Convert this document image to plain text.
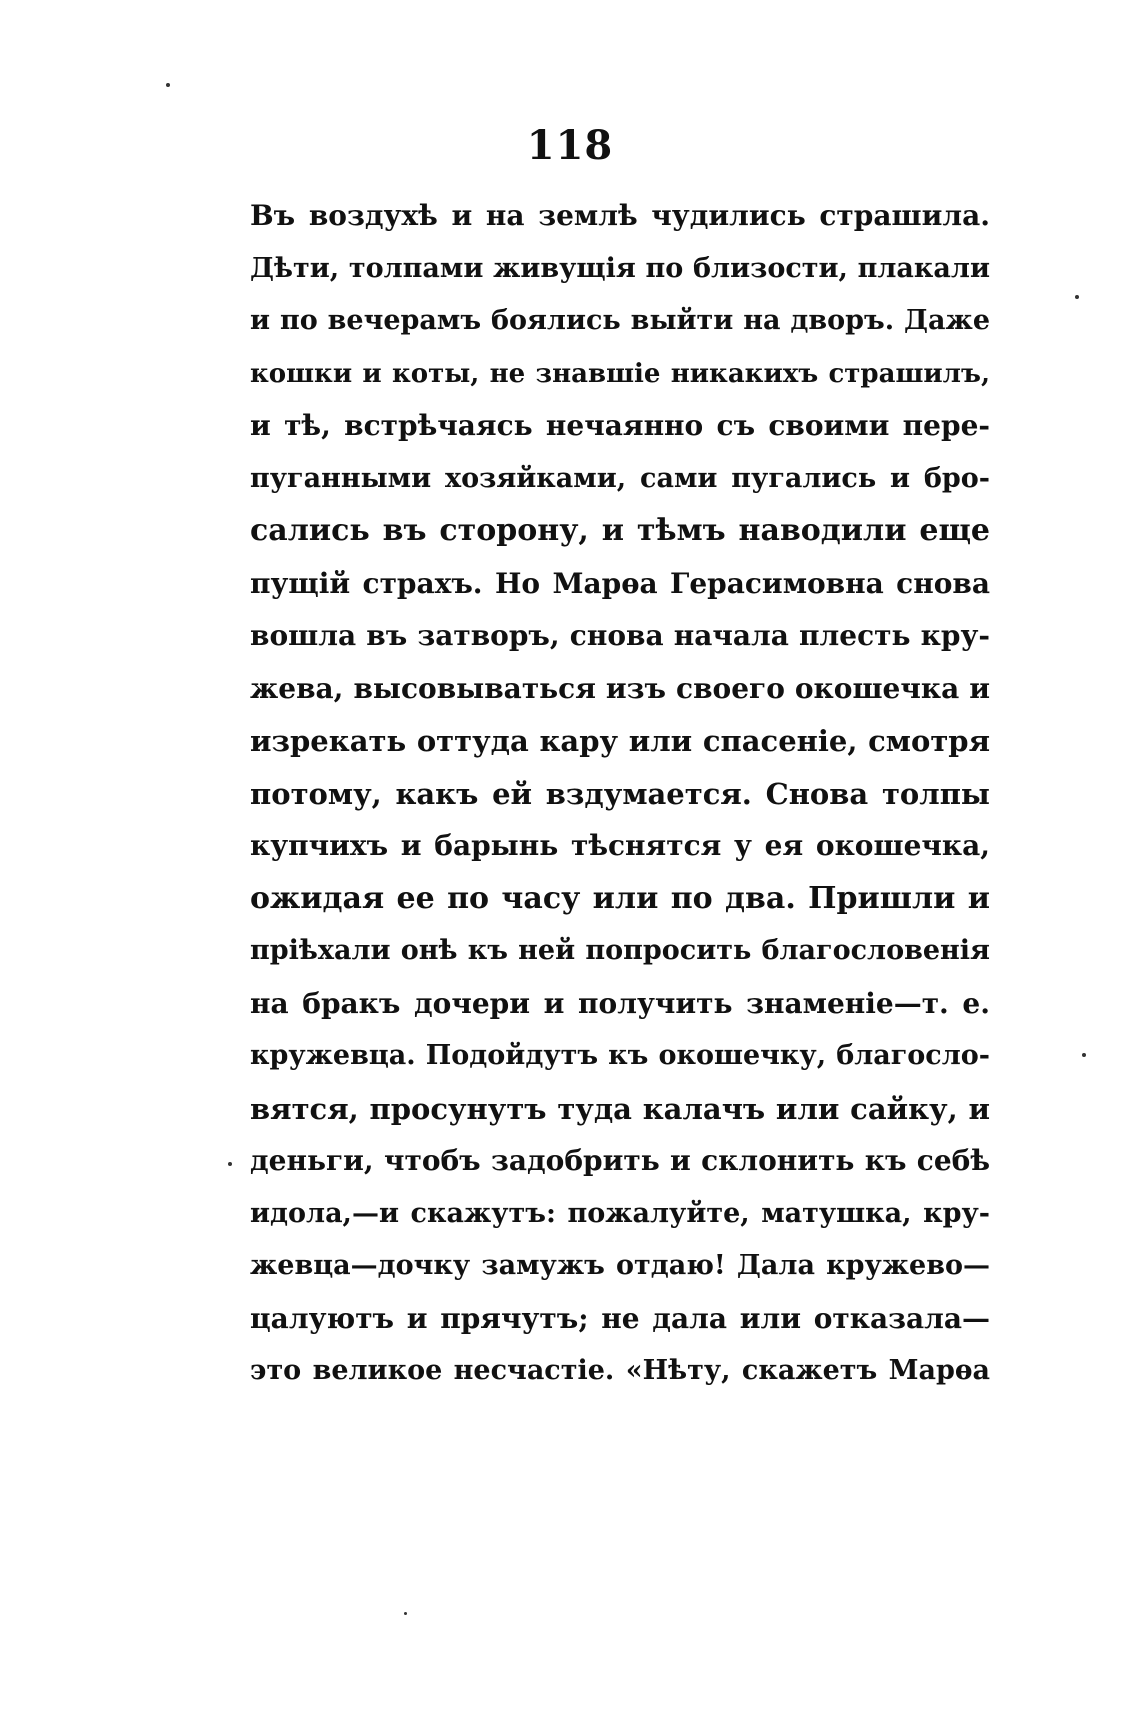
118
Въ воздухѣ и на землѣ чудились страшила.
Дѣти, толпами живущія по близости, плакали
и по вечерамъ боялись выйти на дворъ. Даже
кошки и коты, не знавшіе никакихъ страшилъ,
и тѣ, встрѣчаясь нечаянно съ своими пере-
пуганными хозяйками, сами пугались и бро-
сались въ сторону, и тѣмъ наводили еще
пущій страхъ. Но Марѳа Герасимовна снова
вошла въ затворъ, снова начала плесть кру-
жева, высовываться изъ своего окошечка и
изрекать оттуда кару или спасеніе, смотря
потому, какъ ей вздумается. Снова толпы
купчихъ и барынь тѣснятся у ея окошечка,
ожидая ее по часу или по два. Пришли и
пріѣхали онѣ къ ней попросить благословенія
на бракъ дочери и получить знаменіе—т. е.
кружевца. Подойдутъ къ окошечку, благосло-
вятся, просунутъ туда калачъ или сайку, и
деньги, чтобъ задобрить и склонить къ себѣ
идола,—и скажутъ: пожалуйте, матушка, кру-
жевца—дочку замужъ отдаю! Дала кружево—
цалуютъ и прячутъ; не дала или отказала—
это великое несчастіе. «Нѣту, скажетъ Марѳа
